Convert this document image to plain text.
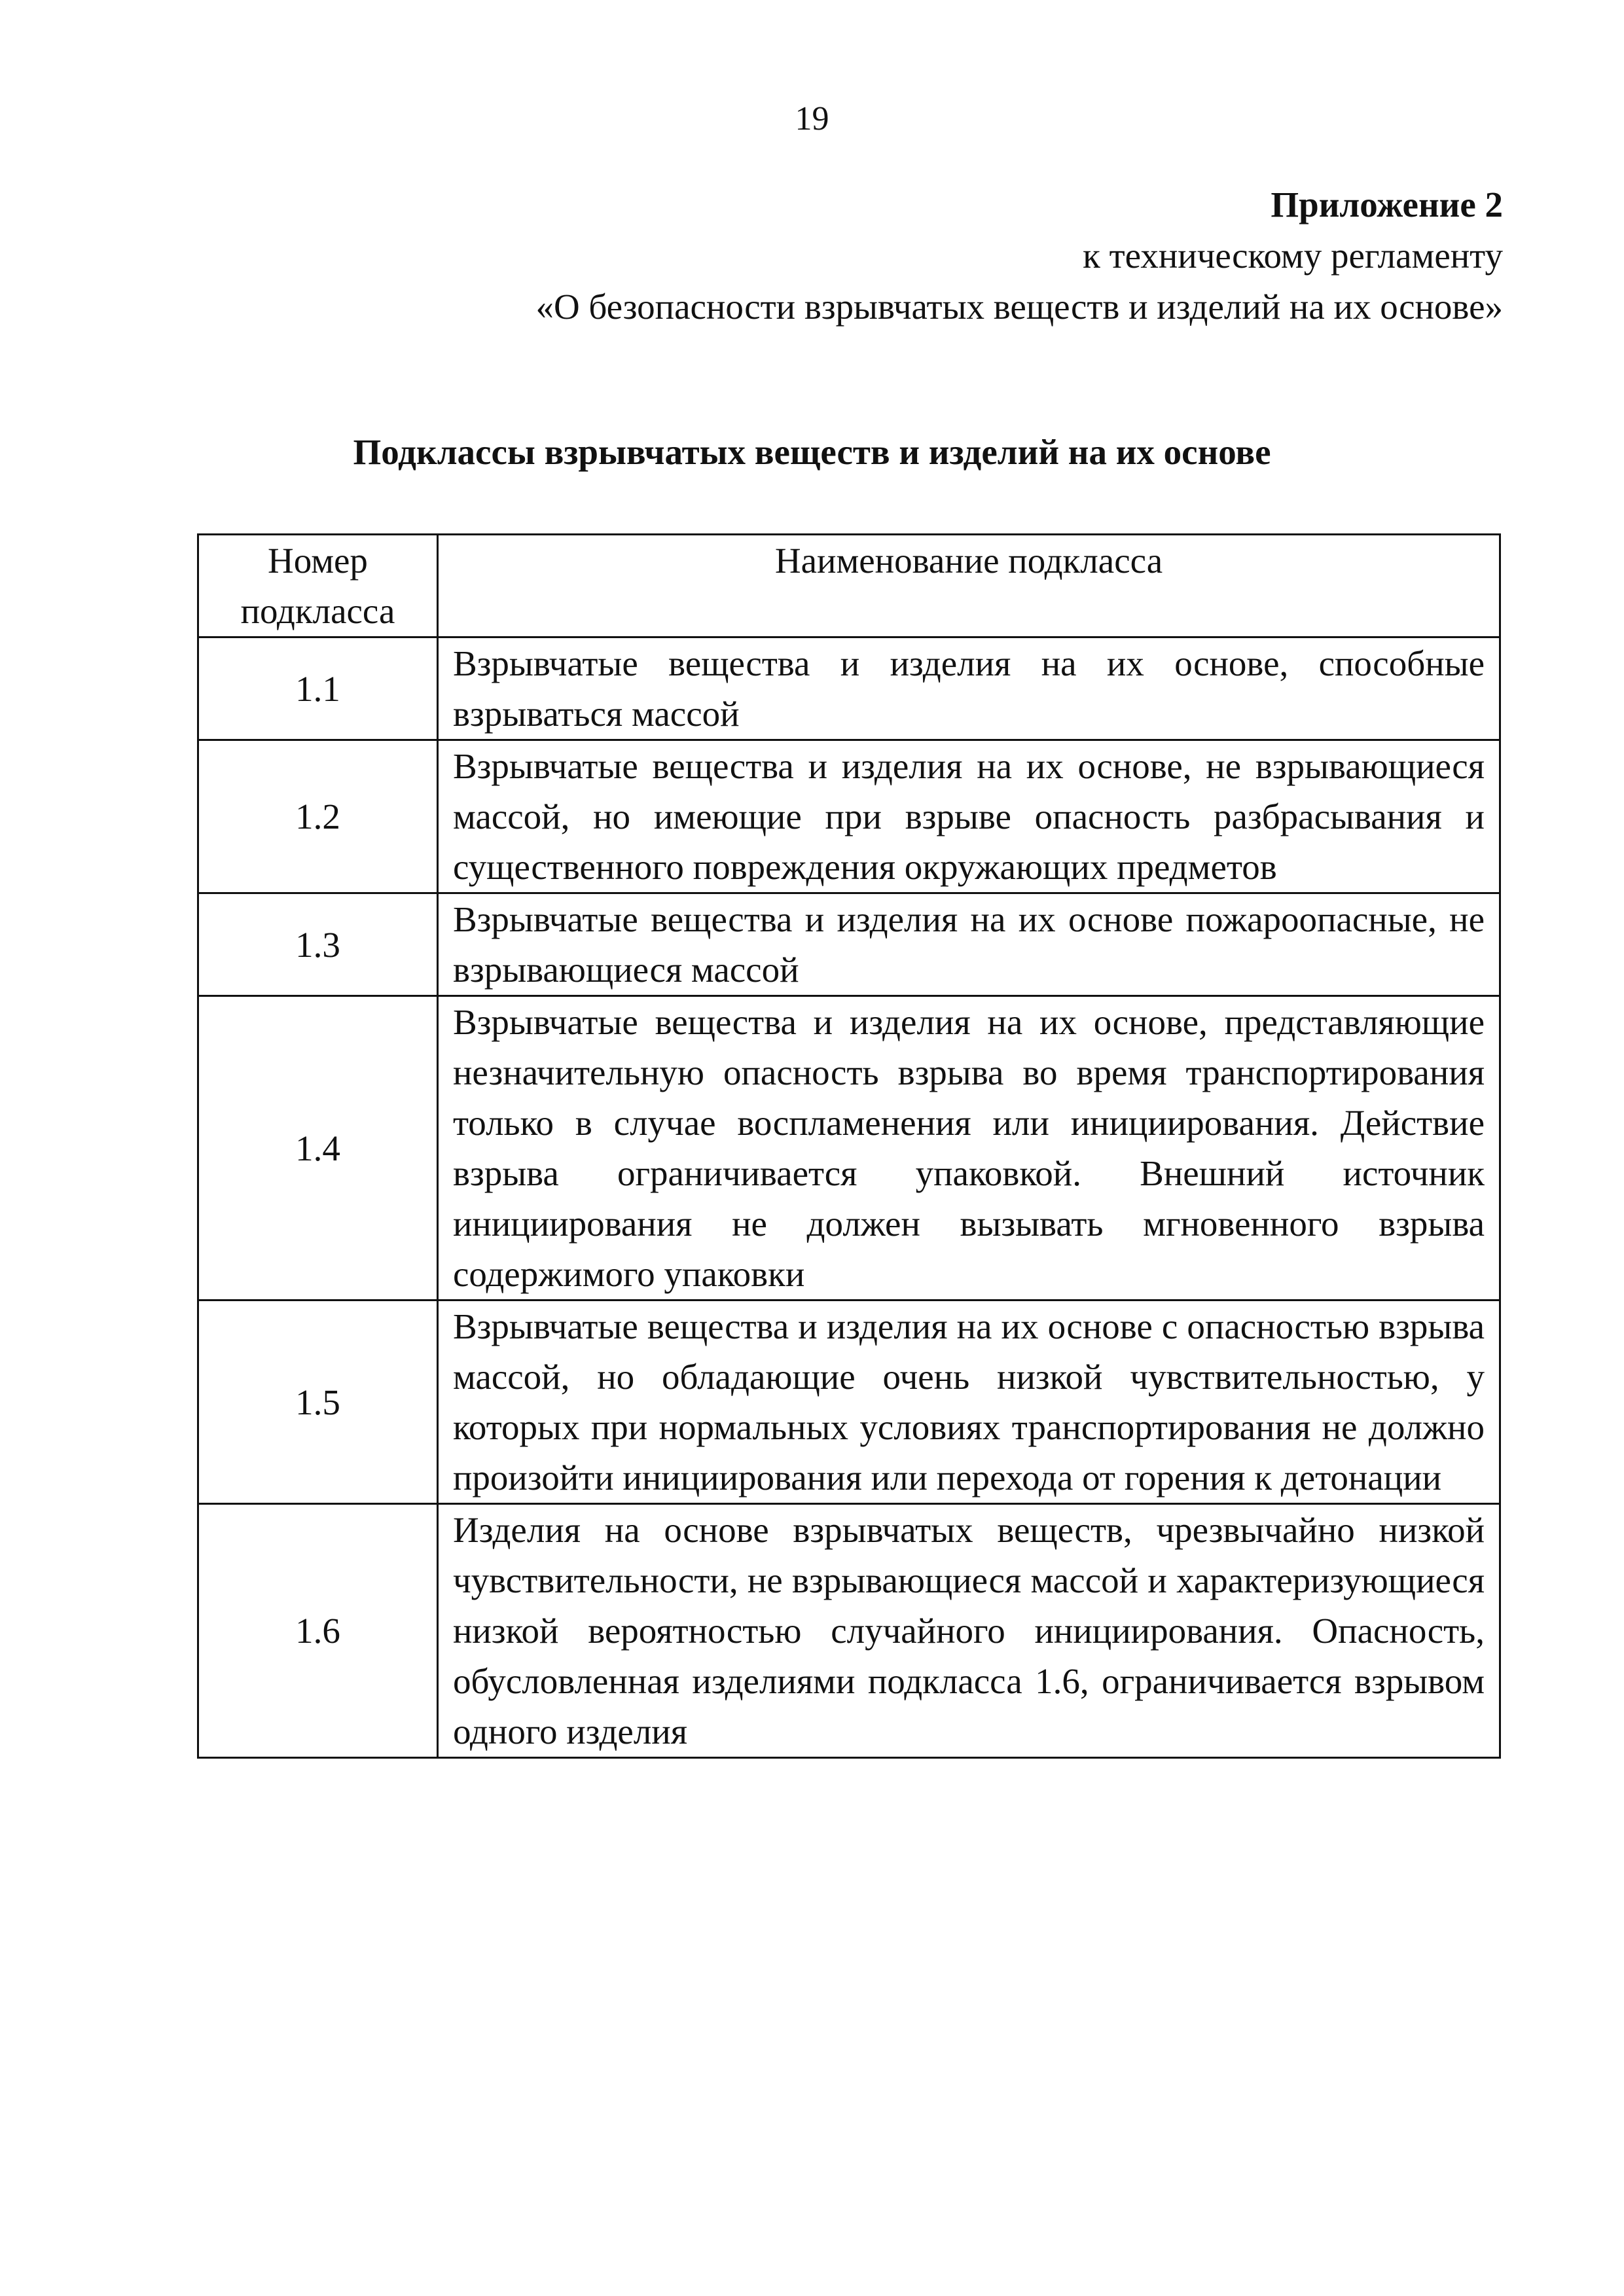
19
Приложение 2
к техническому регламенту
«О безопасности взрывчатых веществ и изделий на их основе»
Подклассы взрывчатых веществ и изделий на их основе
Номер подкласса	Наименование подкласса
1.1	Взрывчатые вещества и изделия на их основе, способные взрываться массой
1.2	Взрывчатые вещества и изделия на их основе, не взрывающиеся массой, но имеющие при взрыве опасность разбрасывания и существенного повреждения окружающих предметов
1.3	Взрывчатые вещества и изделия на их основе пожароопасные, не взрывающиеся массой
1.4	Взрывчатые вещества и изделия на их основе, представляющие незначительную опасность взрыва во время транспортирования только в случае воспламенения или инициирования. Действие взрыва ограничивается упаковкой. Внешний источник инициирования не должен вызывать мгновенного взрыва содержимого упаковки
1.5	Взрывчатые вещества и изделия на их основе с опасностью взрыва массой, но обладающие очень низкой чувствительностью, у которых при нормальных условиях транспортирования не должно произойти инициирования или перехода от горения к детонации
1.6	Изделия на основе взрывчатых веществ, чрезвычайно низкой чувствительности, не взрывающиеся массой и характеризующиеся низкой вероятностью случайного инициирования. Опасность, обусловленная изделиями подкласса 1.6, ограничивается взрывом одного изделия
